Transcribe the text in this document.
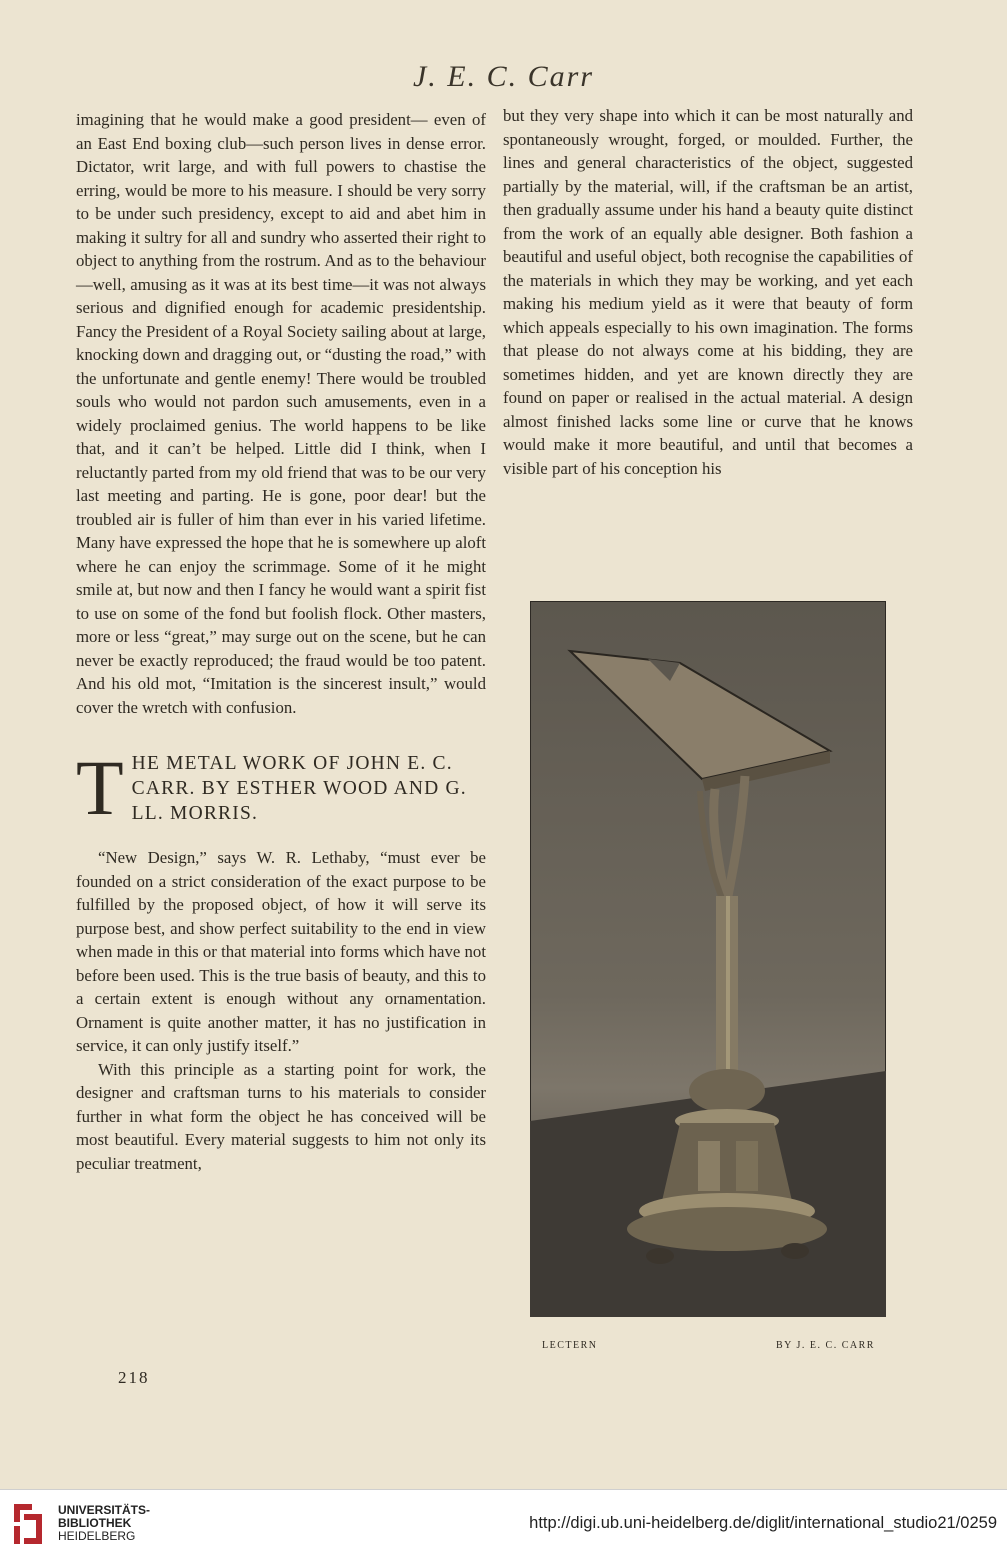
J. E. C. Carr

imagining that he would make a good president— even of an East End boxing club—such person lives in dense error. Dictator, writ large, and with full powers to chastise the erring, would be more to his measure. I should be very sorry to be under such presidency, except to aid and abet him in making it sultry for all and sundry who asserted their right to object to anything from the rostrum. And as to the behaviour—well, amusing as it was at its best time—it was not always serious and dignified enough for academic presidentship. Fancy the President of a Royal Society sailing about at large, knocking down and dragging out, or “dusting the road,” with the unfortunate and gentle enemy! There would be troubled souls who would not pardon such amusements, even in a widely proclaimed genius. The world happens to be like that, and it can’t be helped. Little did I think, when I reluctantly parted from my old friend that was to be our very last meeting and parting. He is gone, poor dear! but the troubled air is fuller of him than ever in his varied lifetime. Many have expressed the hope that he is somewhere up aloft where he can enjoy the scrimmage. Some of it he might smile at, but now and then I fancy he would want a spirit fist to use on some of the fond but foolish flock. Other masters, more or less “great,” may surge out on the scene, but he can never be exactly reproduced; the fraud would be too patent. And his old mot, “Imitation is the sincerest insult,” would cover the wretch with confusion.

T HE METAL WORK OF JOHN E. C. CARR. BY ESTHER WOOD AND G. LL. MORRIS.

“New Design,” says W. R. Lethaby, “must ever be founded on a strict consideration of the exact purpose to be fulfilled by the proposed object, of how it will serve its purpose best, and show perfect suitability to the end in view when made in this or that material into forms which have not before been used. This is the true basis of beauty, and this to a certain extent is enough without any ornamentation. Ornament is quite another matter, it has no justification in service, it can only justify itself.”

With this principle as a starting point for work, the designer and craftsman turns to his materials to consider further in what form the object he has conceived will be most beautiful. Every material suggests to him not only its peculiar treatment,

but they very shape into which it can be most naturally and spontaneously wrought, forged, or moulded. Further, the lines and general characteristics of the object, suggested partially by the material, will, if the craftsman be an artist, then gradually assume under his hand a beauty quite distinct from the work of an equally able designer. Both fashion a beautiful and useful object, both recognise the capabilities of the materials in which they may be working, and yet each making his medium yield as it were that beauty of form which appeals especially to his own imagination. The forms that please do not always come at his bidding, they are sometimes hidden, and yet are known directly they are found on paper or realised in the actual material. A design almost finished lacks some line or curve that he knows would make it more beautiful, and until that becomes a visible part of his conception his

LECTERN	BY J. E. C. CARR
218
UNIVERSITÄTS-
BIBLIOTHEK
HEIDELBERG
http://digi.ub.uni-heidelberg.de/diglit/international_studio21/0259
